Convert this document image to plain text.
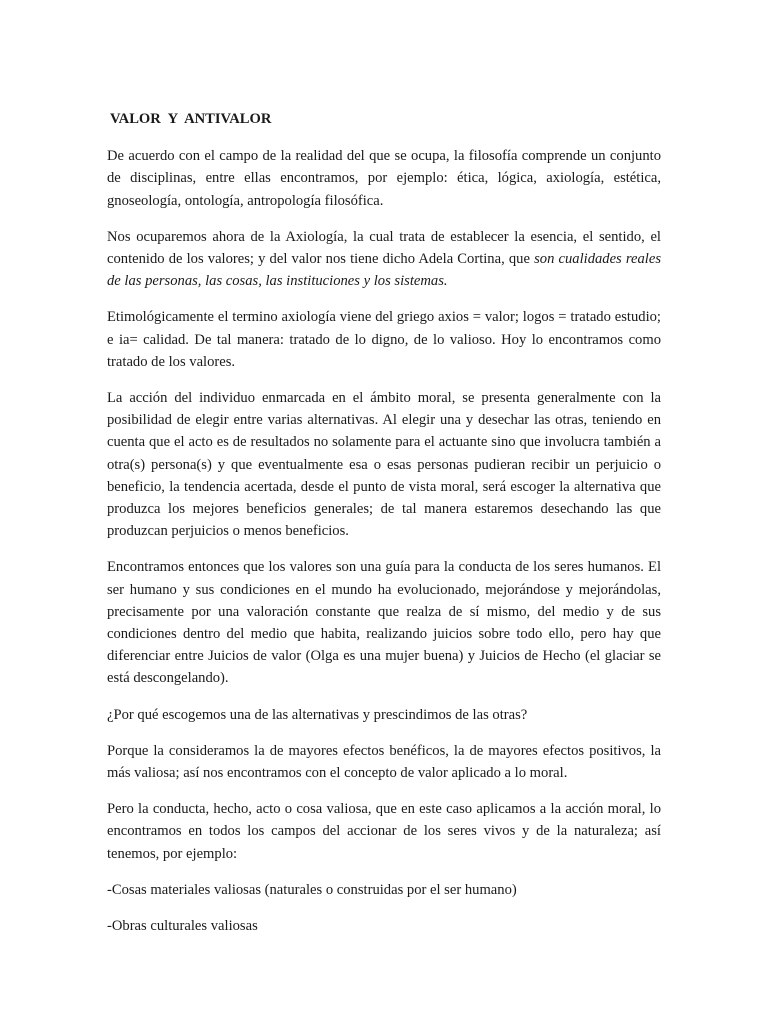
VALOR  Y  ANTIVALOR

De acuerdo con el campo de la realidad del que se ocupa, la filosofía comprende un conjunto de disciplinas, entre ellas encontramos, por ejemplo: ética, lógica, axiología, estética, gnoseología, ontología, antropología filosófica.

Nos ocuparemos ahora de la Axiología, la cual trata de establecer la esencia, el sentido, el contenido de los valores; y del valor nos tiene dicho Adela Cortina, que son cualidades reales de las personas, las cosas, las instituciones y los sistemas.

Etimológicamente el termino axiología viene del griego axios = valor; logos = tratado estudio; e ia= calidad. De tal manera: tratado de lo digno, de lo valioso. Hoy lo encontramos como tratado de los valores.

La acción del individuo enmarcada en el ámbito moral, se presenta generalmente con la posibilidad de elegir entre varias alternativas. Al elegir una y desechar las otras, teniendo en cuenta que el acto es de resultados no solamente para el actuante sino que involucra también a otra(s) persona(s) y que eventualmente esa o esas personas pudieran recibir un perjuicio o beneficio, la tendencia acertada, desde el punto de vista moral, será escoger la alternativa que produzca los mejores beneficios generales; de tal manera estaremos desechando las que produzcan perjuicios o menos beneficios.

Encontramos entonces que los valores son una guía para la conducta de los seres humanos. El ser humano y sus condiciones en el mundo ha evolucionado, mejorándose y mejorándolas, precisamente por una valoración constante que realza de sí mismo, del medio y de sus condiciones dentro del medio que habita, realizando juicios sobre todo ello, pero hay que diferenciar entre Juicios de valor (Olga es una mujer buena) y Juicios de Hecho (el glaciar se está descongelando).

¿Por qué escogemos una de las alternativas y prescindimos de las otras?

Porque la consideramos la de mayores efectos benéficos, la de mayores efectos positivos, la más valiosa; así nos encontramos con el concepto de valor aplicado a lo moral.

Pero la conducta, hecho, acto o cosa valiosa, que en este caso aplicamos a la acción moral, lo encontramos en todos los campos del accionar de los seres vivos y de la naturaleza; así tenemos, por ejemplo:

-Cosas materiales valiosas (naturales o construidas por el ser humano)

-Obras culturales valiosas
